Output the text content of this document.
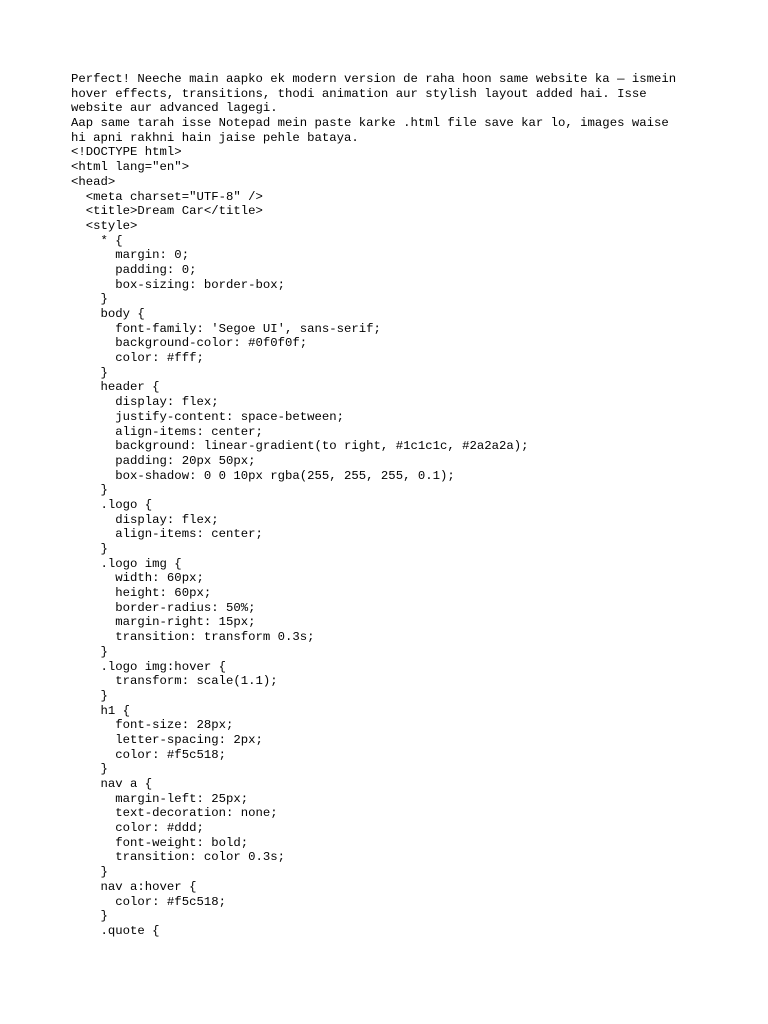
Perfect! Neeche main aapko ek modern version de raha hoon same website ka — ismein
hover effects, transitions, thodi animation aur stylish layout added hai. Isse
website aur advanced lagegi.
Aap same tarah isse Notepad mein paste karke .html file save kar lo, images waise
hi apni rakhni hain jaise pehle bataya.
<!DOCTYPE html>
<html lang="en">
<head>
<meta charset="UTF-8" />
<title>Dream Car</title>
<style>
* {
margin: 0;
padding: 0;
box-sizing: border-box;
}
body {
font-family: 'Segoe UI', sans-serif;
background-color: #0f0f0f;
color: #fff;
}
header {
display: flex;
justify-content: space-between;
align-items: center;
background: linear-gradient(to right, #1c1c1c, #2a2a2a);
padding: 20px 50px;
box-shadow: 0 0 10px rgba(255, 255, 255, 0.1);
}
.logo {
display: flex;
align-items: center;
}
.logo img {
width: 60px;
height: 60px;
border-radius: 50%;
margin-right: 15px;
transition: transform 0.3s;
}
.logo img:hover {
transform: scale(1.1);
}
h1 {
font-size: 28px;
letter-spacing: 2px;
color: #f5c518;
}
nav a {
margin-left: 25px;
text-decoration: none;
color: #ddd;
font-weight: bold;
transition: color 0.3s;
}
nav a:hover {
color: #f5c518;
}
.quote {
